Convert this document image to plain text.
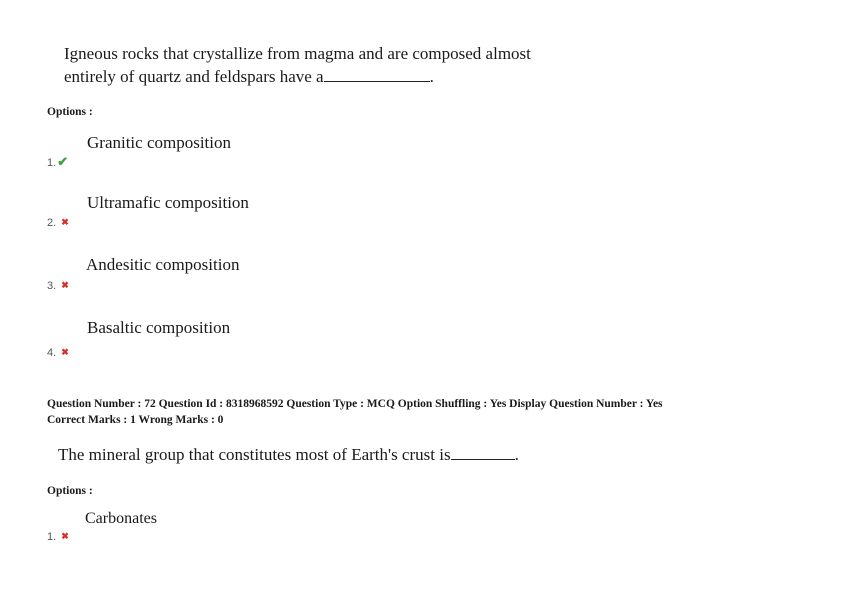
Igneous rocks that crystallize from magma and are composed almost
entirely of quartz and feldspars have a	.
Options :
Granitic composition
1.✔
Ultramafic composition
2. ✖
Andesitic composition
3. ✖
Basaltic composition
4. ✖
Question Number : 72 Question Id : 8318968592 Question Type : MCQ Option Shuffling : Yes Display Question Number : Yes
Correct Marks : 1 Wrong Marks : 0
The mineral group that constitutes most of Earth's crust is	.
Options :
Carbonates
1. ✖
